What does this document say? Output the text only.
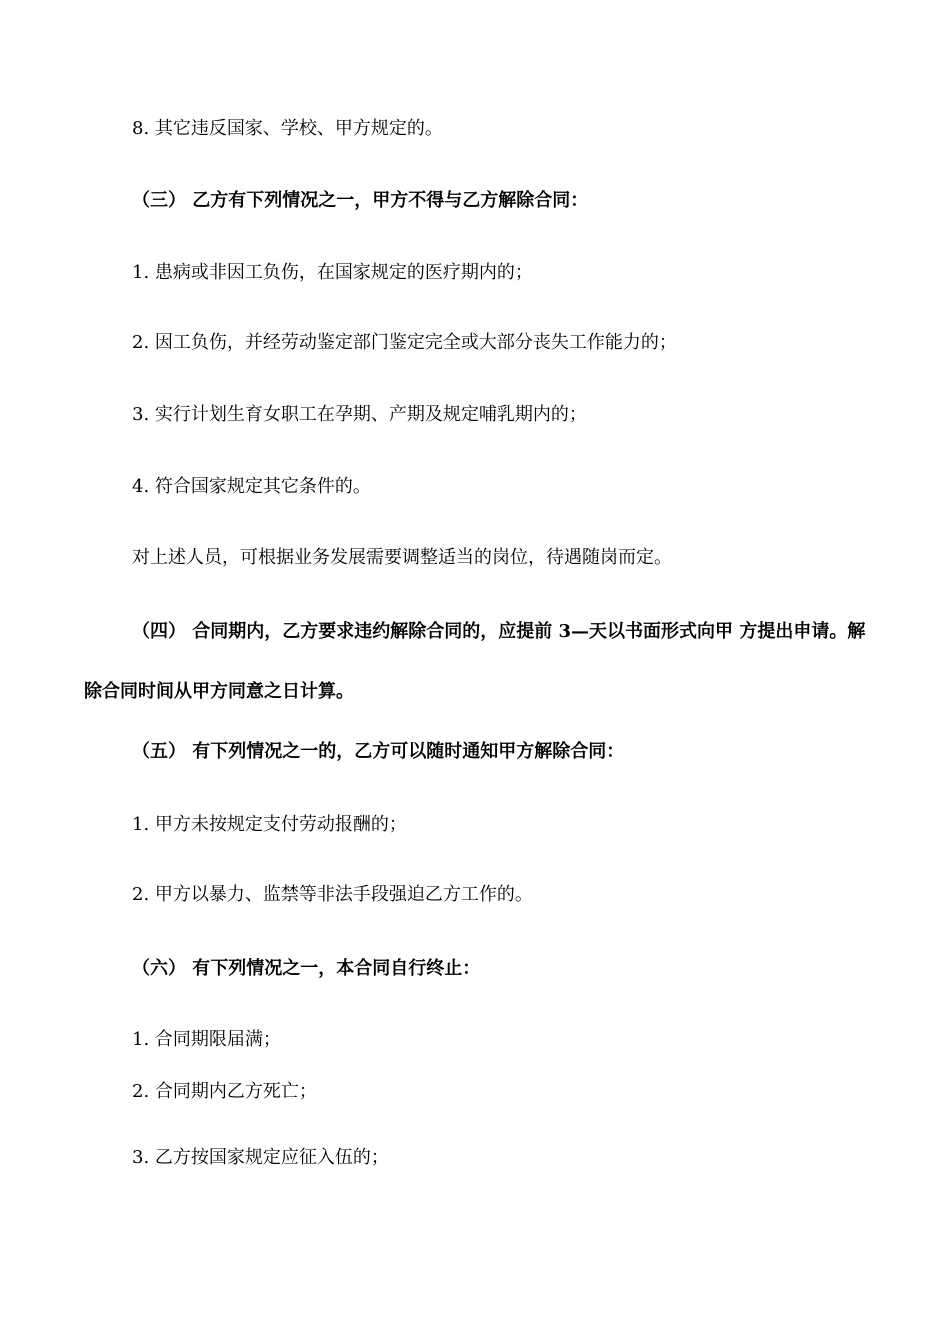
8. 其它违反国家、学校、甲方规定的。

（三） 乙方有下列情况之一，甲方不得与乙方解除合同：

1. 患病或非因工负伤，在国家规定的医疗期内的；

2. 因工负伤，并经劳动鉴定部门鉴定完全或大部分丧失工作能力的；

3. 实行计划生育女职工在孕期、产期及规定哺乳期内的；

4. 符合国家规定其它条件的。

对上述人员，可根据业务发展需要调整适当的岗位，待遇随岗而定。

（四） 合同期内，乙方要求违约解除合同的，应提前 3—天以书面形式向甲 方提出申请。解除合同时间从甲方同意之日计算。

（五） 有下列情况之一的，乙方可以随时通知甲方解除合同：

1. 甲方未按规定支付劳动报酬的；

2. 甲方以暴力、监禁等非法手段强迫乙方工作的。

（六） 有下列情况之一，本合同自行终止：

1. 合同期限届满；

2. 合同期内乙方死亡；

3. 乙方按国家规定应征入伍的；
